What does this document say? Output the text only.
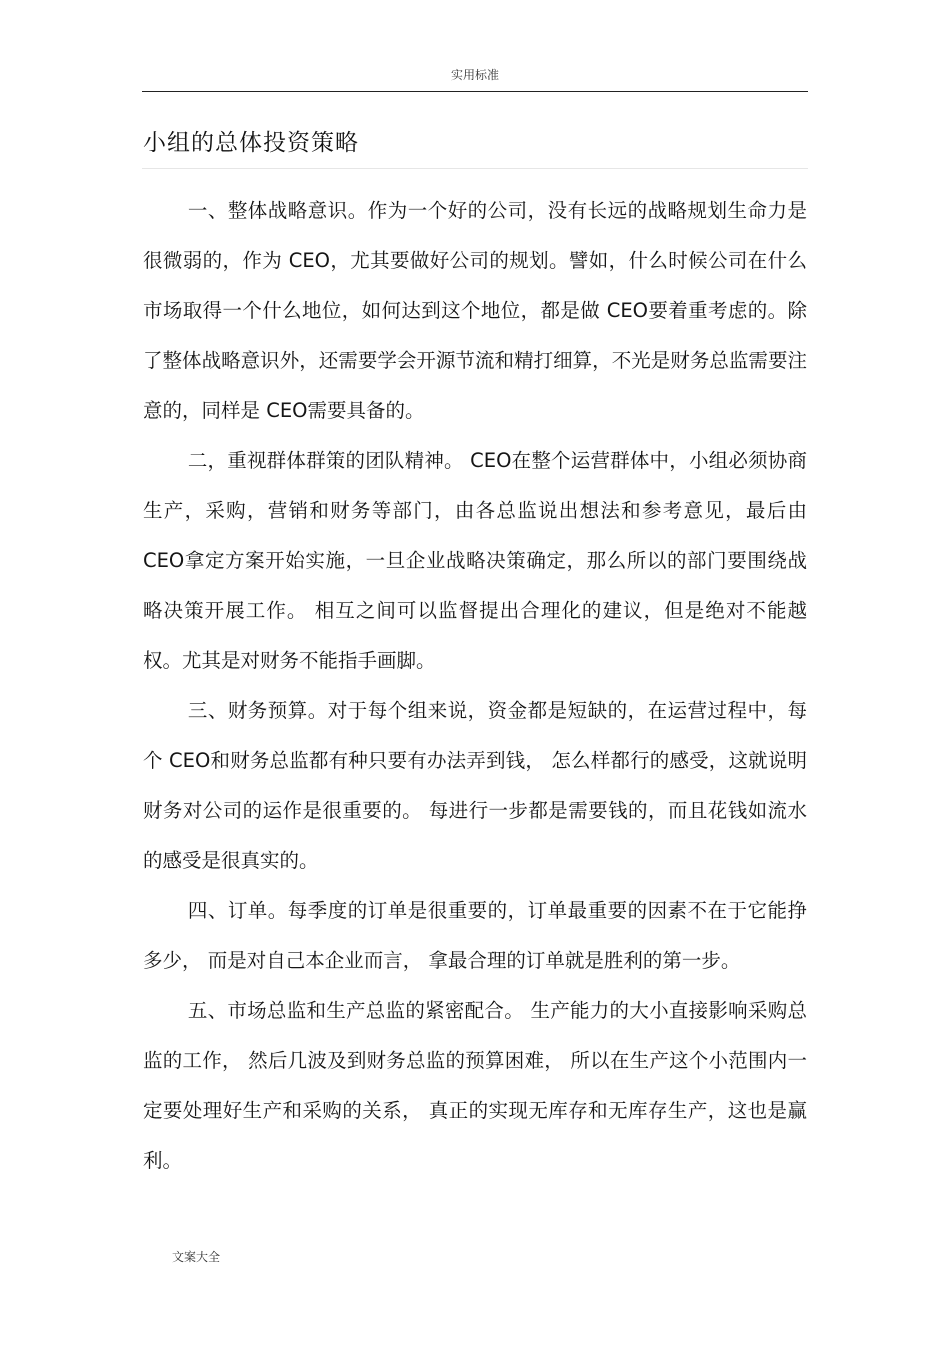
实用标准
小组的总体投资策略

一、整体战略意识。作为一个好的公司，没有长远的战略规划生命力是很微弱的，作为 CEO，尤其要做好公司的规划。譬如，什么时候公司在什么市场取得一个什么地位，如何达到这个地位，都是做 CEO要着重考虑的。除了整体战略意识外，还需要学会开源节流和精打细算，不光是财务总监需要注意的，同样是 CEO需要具备的。

二，重视群体群策的团队精神。 CEO在整个运营群体中，小组必须协商生产，采购，营销和财务等部门，由各总监说出想法和参考意见，最后由 CEO拿定方案开始实施，一旦企业战略决策确定，那么所以的部门要围绕战略决策开展工作。 相互之间可以监督提出合理化的建议，但是绝对不能越权。尤其是对财务不能指手画脚。

三、财务预算。对于每个组来说，资金都是短缺的，在运营过程中，每个 CEO和财务总监都有种只要有办法弄到钱， 怎么样都行的感受，这就说明财务对公司的运作是很重要的。 每进行一步都是需要钱的，而且花钱如流水的感受是很真实的。

四、订单。每季度的订单是很重要的，订单最重要的因素不在于它能挣多少， 而是对自己本企业而言， 拿最合理的订单就是胜利的第一步。

五、市场总监和生产总监的紧密配合。 生产能力的大小直接影响采购总监的工作， 然后几波及到财务总监的预算困难， 所以在生产这个小范围内一定要处理好生产和采购的关系， 真正的实现无库存和无库存生产，这也是赢利。

文案大全
